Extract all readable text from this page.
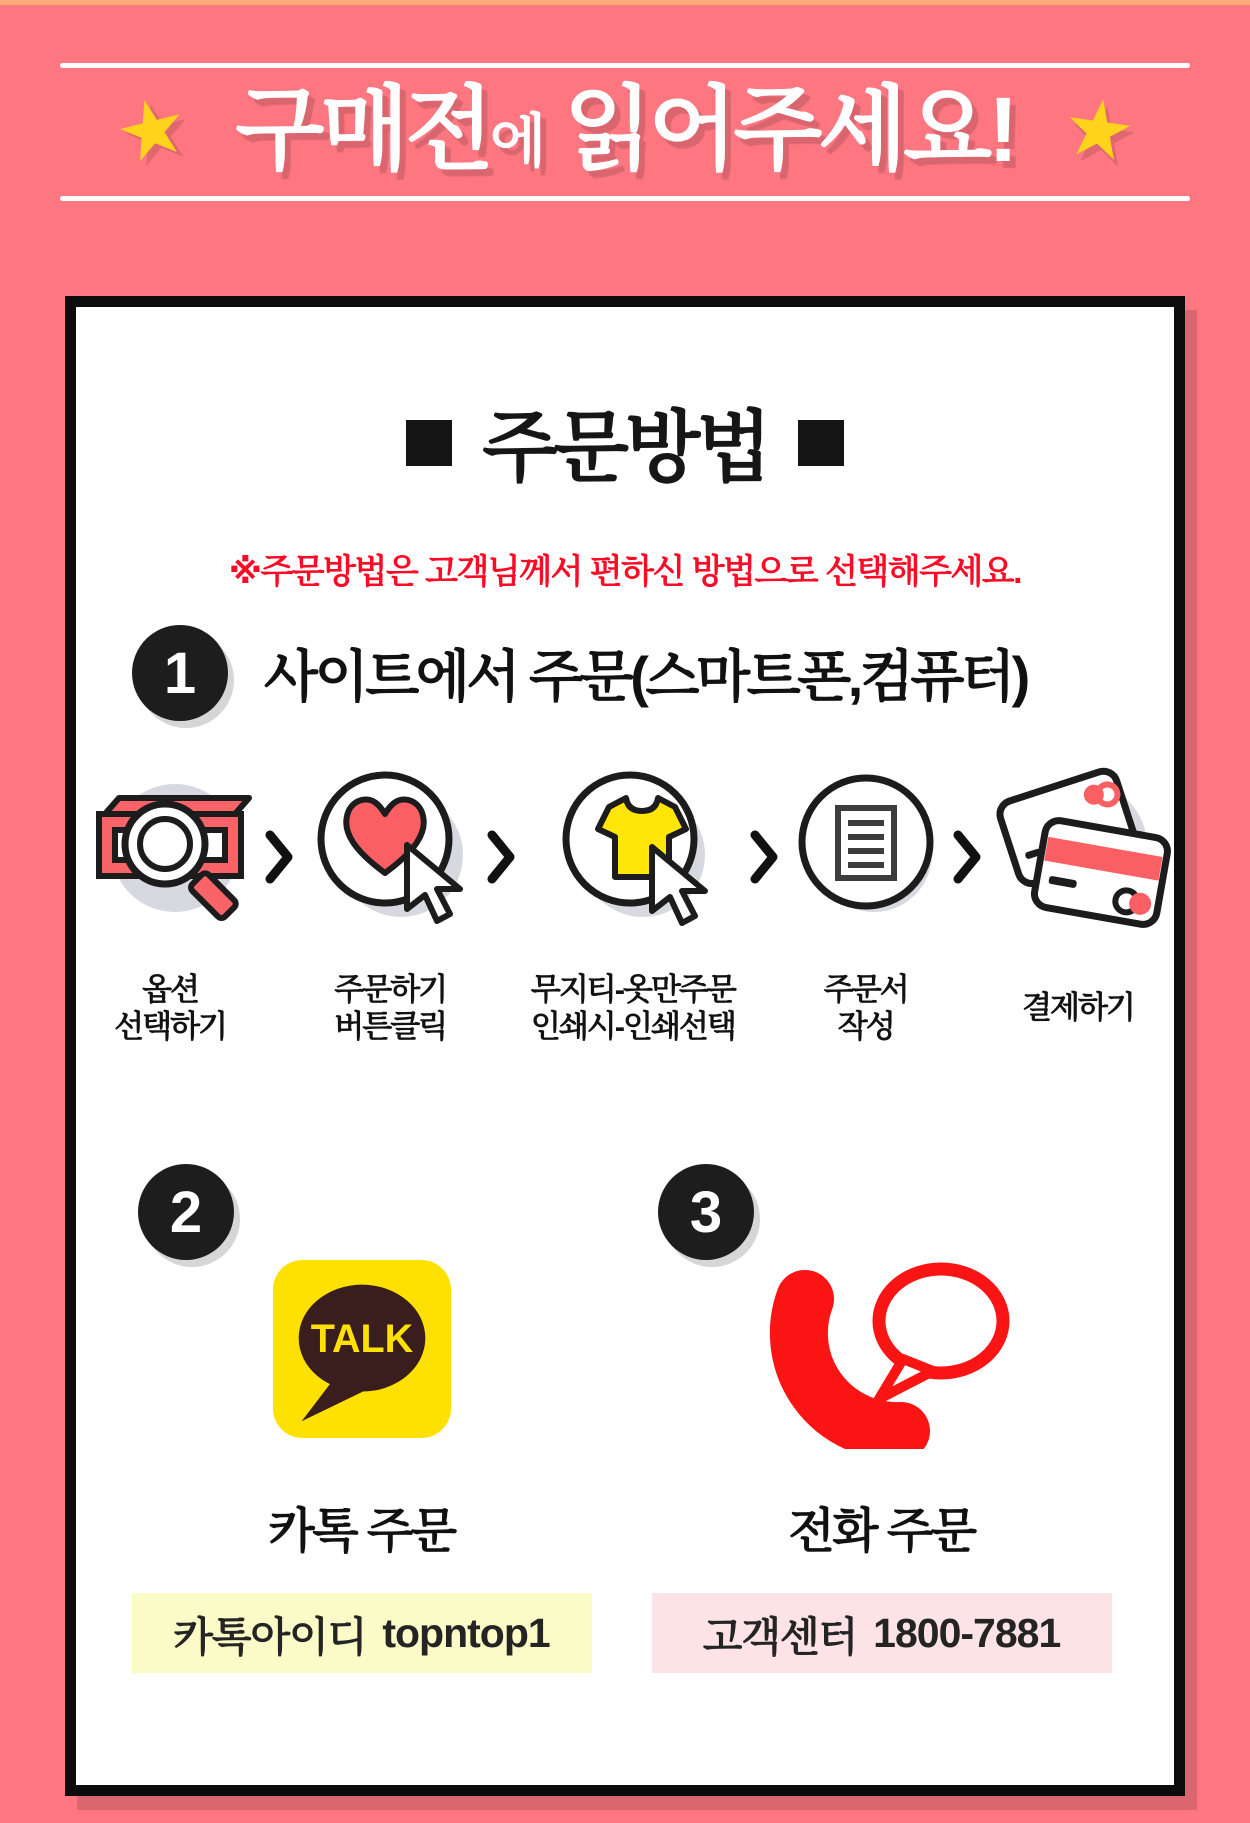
★ 구매전에 읽어주세요! ★
주문방법
※주문방법은 고객님께서 편하신 방법으로 선택해주세요.
1	사이트에서 주문(스마트폰,컴퓨터)
옵션
선택하기
주문하기
버튼클릭
무지티-옷만주문
인쇄시-인쇄선택
주문서
작성
결제하기
2
TALK
카톡 주문
카톡아이디 topntop1
3
전화 주문
고객센터 1800-7881
